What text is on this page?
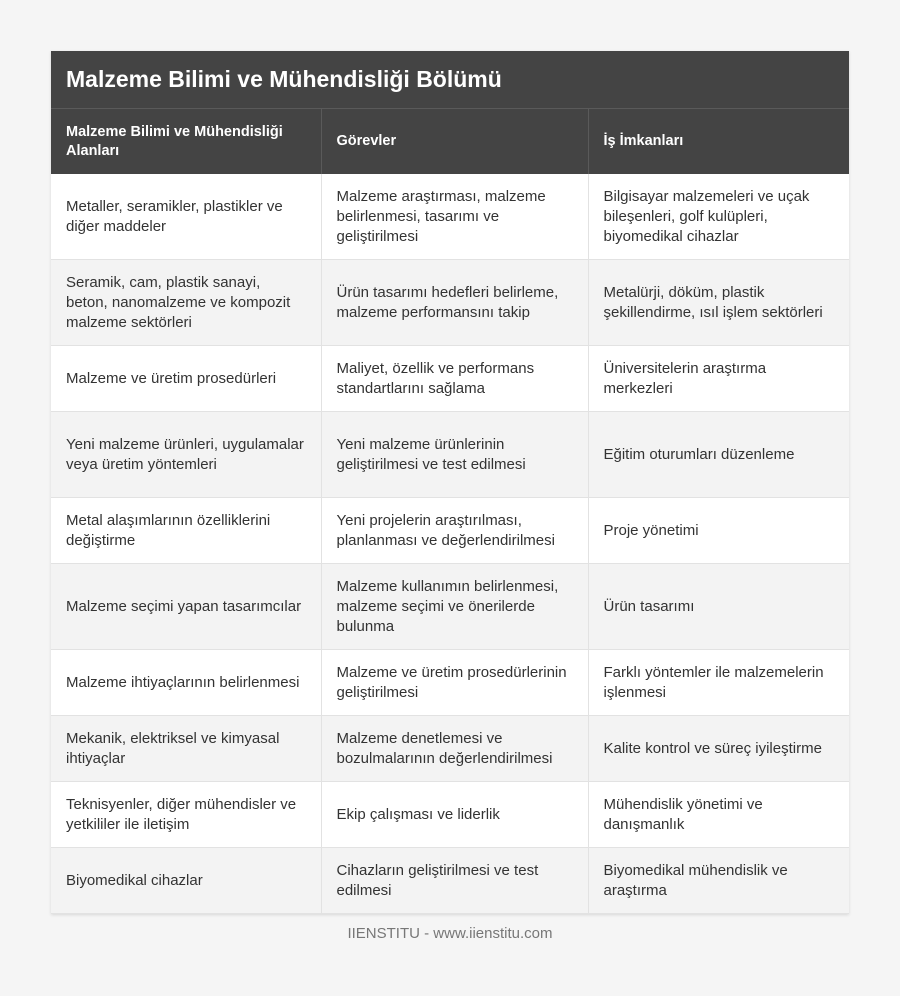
Malzeme Bilimi ve Mühendisliği Bölümü
Malzeme Bilimi ve Mühendisliği Alanları	Görevler	İş İmkanları
Metaller, seramikler, plastikler ve diğer maddeler	Malzeme araştırması, malzeme belirlenmesi, tasarımı ve geliştirilmesi	Bilgisayar malzemeleri ve uçak bileşenleri, golf kulüpleri, biyomedikal cihazlar
Seramik, cam, plastik sanayi, beton, nanomalzeme ve kompozit malzeme sektörleri	Ürün tasarımı hedefleri belirleme, malzeme performansını takip	Metalürji, döküm, plastik şekillendirme, ısıl işlem sektörleri
Malzeme ve üretim prosedürleri	Maliyet, özellik ve performans standartlarını sağlama	Üniversitelerin araştırma merkezleri
Yeni malzeme ürünleri, uygulamalar veya üretim yöntemleri	Yeni malzeme ürünlerinin geliştirilmesi ve test edilmesi	Eğitim oturumları düzenleme
Metal alaşımlarının özelliklerini değiştirme	Yeni projelerin araştırılması, planlanması ve değerlendirilmesi	Proje yönetimi
Malzeme seçimi yapan tasarımcılar	Malzeme kullanımın belirlenmesi, malzeme seçimi ve önerilerde bulunma	Ürün tasarımı
Malzeme ihtiyaçlarının belirlenmesi	Malzeme ve üretim prosedürlerinin geliştirilmesi	Farklı yöntemler ile malzemelerin işlenmesi
Mekanik, elektriksel ve kimyasal ihtiyaçlar	Malzeme denetlemesi ve bozulmalarının değerlendirilmesi	Kalite kontrol ve süreç iyileştirme
Teknisyenler, diğer mühendisler ve yetkililer ile iletişim	Ekip çalışması ve liderlik	Mühendislik yönetimi ve danışmanlık
Biyomedikal cihazlar	Cihazların geliştirilmesi ve test edilmesi	Biyomedikal mühendislik ve araştırma
IIENSTITU - www.iienstitu.com
